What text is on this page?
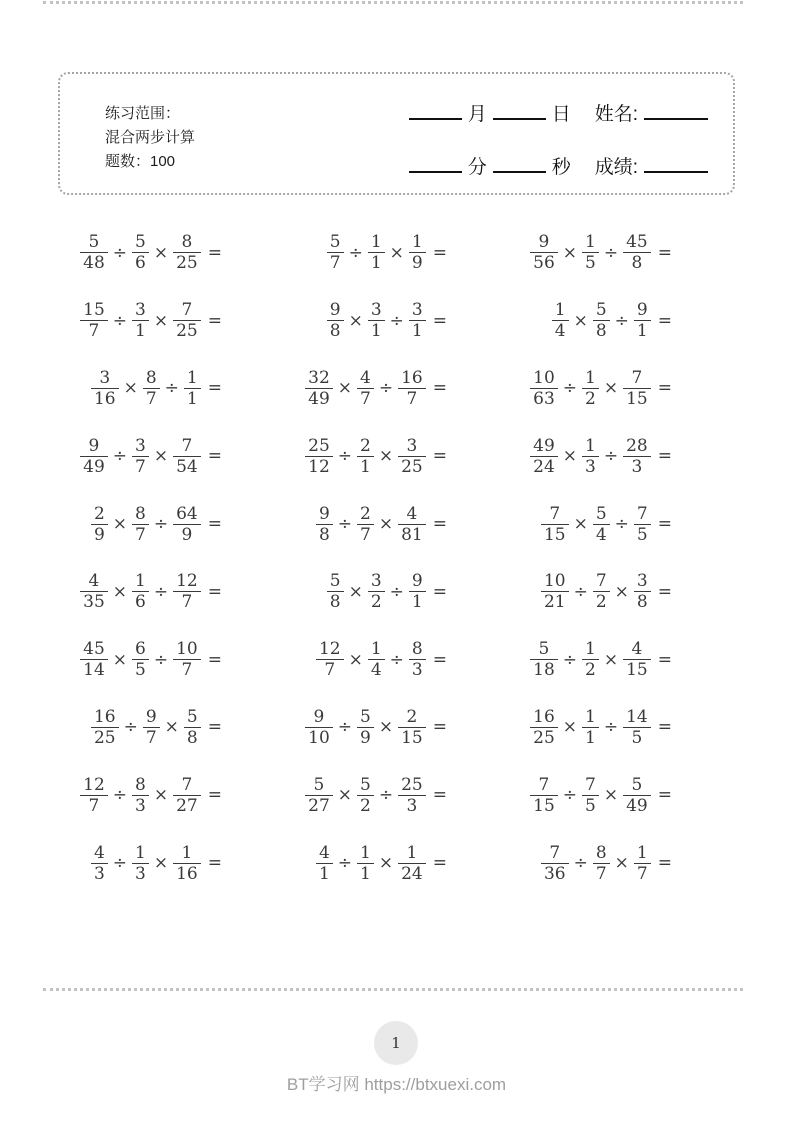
练习范围：
混合两步计算
题数：100
月	日 姓名:
分	秒 成绩:
$\frac{5}{48} \div \frac{5}{6} \times \frac{8}{25}$ =	$\frac{5}{7} \div \frac{1}{1} \times \frac{1}{9}$ =	$\frac{9}{56} \times \frac{1}{5} \div \frac{45}{8}$ =
$\frac{15}{7} \div \frac{3}{1} \times \frac{7}{25}$ =	$\frac{9}{8} \times \frac{3}{1} \div \frac{3}{1}$ =	$\frac{1}{4} \times \frac{5}{8} \div \frac{9}{1}$ =
$\frac{3}{16} \times \frac{8}{7} \div \frac{1}{1}$ =	$\frac{32}{49} \times \frac{4}{7} \div \frac{16}{7}$ =	$\frac{10}{63} \div \frac{1}{2} \times \frac{7}{15}$ =
$\frac{9}{49} \div \frac{3}{7} \times \frac{7}{54}$ =	$\frac{25}{12} \div \frac{2}{1} \times \frac{3}{25}$ =	$\frac{49}{24} \times \frac{1}{3} \div \frac{28}{3}$ =
$\frac{2}{9} \times \frac{8}{7} \div \frac{64}{9}$ =	$\frac{9}{8} \div \frac{2}{7} \times \frac{4}{81}$ =	$\frac{7}{15} \times \frac{5}{4} \div \frac{7}{5}$ =
$\frac{4}{35} \times \frac{1}{6} \div \frac{12}{7}$ =	$\frac{5}{8} \times \frac{3}{2} \div \frac{9}{1}$ =	$\frac{10}{21} \div \frac{7}{2} \times \frac{3}{8}$ =
$\frac{45}{14} \times \frac{6}{5} \div \frac{10}{7}$ =	$\frac{12}{7} \times \frac{1}{4} \div \frac{8}{3}$ =	$\frac{5}{18} \div \frac{1}{2} \times \frac{4}{15}$ =
$\frac{16}{25} \div \frac{9}{7} \times \frac{5}{8}$ =	$\frac{9}{10} \div \frac{5}{9} \times \frac{2}{15}$ =	$\frac{16}{25} \times \frac{1}{1} \div \frac{14}{5}$ =
$\frac{12}{7} \div \frac{8}{3} \times \frac{7}{27}$ =	$\frac{5}{27} \times \frac{5}{2} \div \frac{25}{3}$ =	$\frac{7}{15} \div \frac{7}{5} \times \frac{5}{49}$ =
$\frac{4}{3} \div \frac{1}{3} \times \frac{1}{16}$ =	$\frac{4}{1} \div \frac{1}{1} \times \frac{1}{24}$ =	$\frac{7}{36} \div \frac{8}{7} \times \frac{1}{7}$ =
1
BT学习网 https://btxuexi.com
